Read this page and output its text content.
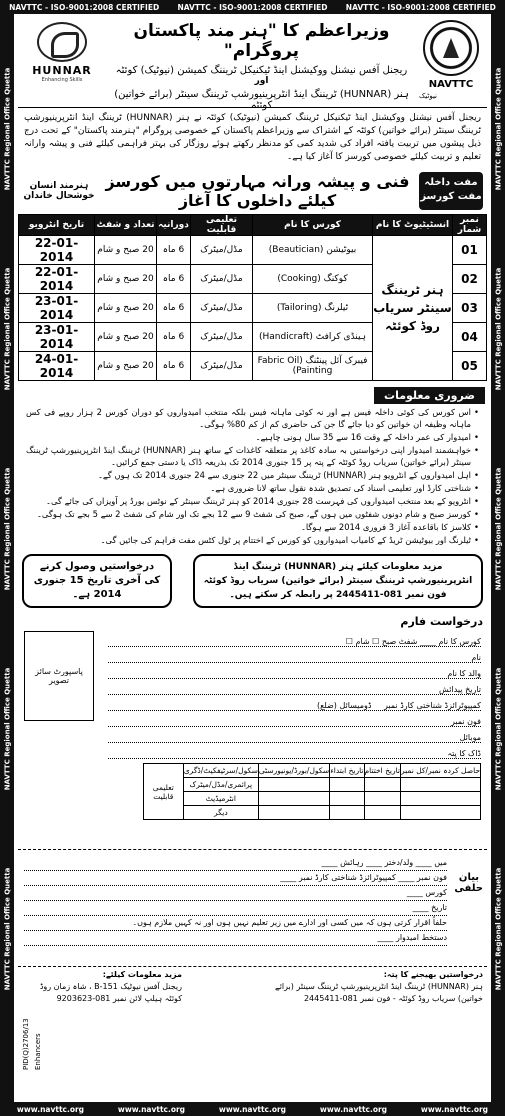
NAVTTC - ISO-9001:2008 CERTIFIED NAVTTC - ISO-9001:2008 CERTIFIED NAVTTC - ISO-9001:2008 CERTIFIED
NAVTTC Regional Office Quetta
NAVTTC Regional Office Quetta
NAVTTC Regional Office Quetta
NAVTTC Regional Office Quetta
NAVTTC Regional Office Quetta
NAVTTC Regional Office Quetta
NAVTTC Regional Office Quetta
NAVTTC Regional Office Quetta
NAVTTC Regional Office Quetta
NAVTTC Regional Office Quetta
HUNNAR
Enhancing Skills
وزیراعظم کا "ہنر مند پاکستان پروگرام"
ریجنل آفس نیشنل ووکیشنل اینڈ ٹیکنیکل ٹریننگ کمیشن (نیوٹیک) کوئٹہ
اور
ہنر (HUNNAR) ٹریننگ اینڈ انٹرپرینیورشپ ٹریننگ سینٹر (برائے خواتین) کوئٹہ
NAVTTC
نیوٹیک
ریجنل آفس نیشنل ووکیشنل اینڈ ٹیکنیکل ٹریننگ کمیشن (نیوٹیک) کوئٹہ نے ہنر (HUNNAR) ٹریننگ اینڈ انٹرپرینیورشپ ٹریننگ سینٹر (برائے خواتین) کوئٹہ کے اشتراک سے وزیراعظم پاکستان کے خصوصی پروگرام "ہنرمند پاکستان" کے تحت درج ذیل پیشوں میں تربیت یافتہ افراد کی شدید کمی کو مدنظر رکھتے ہوئے روزگار کی بہتر فراہمی کیلئے فنی و پیشہ وارانہ تعلیم و تربیت کیلئے خصوصی کورسز کا آغاز کیا ہے۔
مفت داخلہ مفت کورسز
فنی و پیشہ ورانہ مہارتوں میں کورسز کیلئے داخلوں کا آغاز
ہنرمند انسان خوشحال خاندان
نمبر شمار	انسٹیٹیوٹ کا نام	کورس کا نام	تعلیمی قابلیت	دورانیہ	تعداد و شفٹ	تاریخ انٹرویو
01	ہنر ٹریننگ سینٹر سریاب روڈ کوئٹہ	بیوٹیشن (Beautician)	مڈل/میٹرک	6 ماہ	20 صبح و شام	22-01-2014
02		کوکنگ (Cooking)	مڈل/میٹرک	6 ماہ	20 صبح و شام	22-01-2014
03		ٹیلرنگ (Tailoring)	مڈل/میٹرک	6 ماہ	20 صبح و شام	23-01-2014
04		ہینڈی کرافٹ (Handicraft)	مڈل/میٹرک	6 ماہ	20 صبح و شام	23-01-2014
05		فیبرک آئل پینٹنگ (Fabric Oil Painting)	مڈل/میٹرک	6 ماہ	20 صبح و شام	24-01-2014
ضروری معلومات
• اس کورس کی کوئی داخلہ فیس ہے اور نہ کوئی ماہانہ فیس بلکہ منتخب امیدواروں کو دوران کورس 2 ہزار روپے فی کس ماہانہ وظیفہ ان خواتین کو دیا جائے گا جن کی حاضری کم از کم 80% ہوگی۔
• امیدوار کی عمر داخلہ کے وقت 16 سے 35 سال ہونی چاہیے۔
• خواہشمند امیدوار اپنی درخواستیں بہ سادہ کاغذ پر متعلقہ کاغذات کے ساتھ ہنر (HUNNAR) ٹریننگ اینڈ انٹرپرینیورشپ ٹریننگ سینٹر (برائے خواتین) سریاب روڈ کوئٹہ کے پتہ پر 15 جنوری 2014 تک بذریعہ ڈاک یا دستی جمع کرائیں۔
• اہل امیدواروں کے انٹرویو ہنر (HUNNAR) ٹریننگ سینٹر میں 22 جنوری سے 24 جنوری 2014 تک ہوں گے۔
• شناختی کارڈ اور تعلیمی اسناد کی تصدیق شدہ نقول ساتھ لانا ضروری ہے۔
• انٹرویو کے بعد منتخب امیدواروں کی فہرست 28 جنوری 2014 کو ہنر ٹریننگ سینٹر کے نوٹس بورڈ پر آویزاں کی جائے گی۔
• کورسز صبح و شام دونوں شفٹوں میں ہوں گے، صبح کی شفٹ 9 سے 12 بجے تک اور شام کی شفٹ 2 سے 5 بجے تک ہوگی۔
• کلاسز کا باقاعدہ آغاز 3 فروری 2014 سے ہوگا۔
• ٹیلرنگ اور بیوٹیشن ٹریڈ کے کامیاب امیدواروں کو کورس کے اختتام پر ٹول کٹس مفت فراہم کی جائیں گی۔
مزید معلومات کیلئے ہنر (HUNNAR) ٹریننگ اینڈ انٹرپرینیورشپ ٹریننگ سینٹر (برائے خواتین) سریاب روڈ کوئٹہ فون نمبر 081-2445411 پر رابطہ کر سکتے ہیں۔
درخواستیں وصول کرنے کی آخری تاریخ 15 جنوری 2014 ہے۔
درخواست فارم
پاسپورٹ سائز تصویر
کورس کا نام ____ شفٹ صبح ☐ شام ☐
نام
والد کا نام
تاریخ پیدائش
کمپیوٹرائزڈ شناختی کارڈ نمبر

ڈومیسائل (ضلع)
فون نمبر
موبائل
ڈاک کا پتہ
حاصل کردہ نمبر/کل نمبر	تاریخ اختتام	تاریخ ابتداء	سکول/بورڈ/یونیورسٹی	سکول/سرٹیفکیٹ/ڈگری	تعلیمی قابلیت
				پرائمری/مڈل/میٹرک	
				انٹرمیڈیٹ	
				دیگر	
بیان حلفی
میں ____ ولد/دختر ____ رہائش ____
فون نمبر ____ کمپیوٹرائزڈ شناختی کارڈ نمبر ____
کورس ____
تاریخ ____
حلفاً اقرار کرتی ہوں کہ میں کسی اور ادارے میں زیر تعلیم نہیں ہوں اور نہ کہیں ملازم ہوں۔
دستخط امیدوار ____
درخواستیں بھیجنے کا پتہ:
ہنر (HUNNAR) ٹریننگ اینڈ انٹرپرینیورشپ ٹریننگ سینٹر (برائے خواتین) سریاب روڈ کوئٹہ - فون نمبر 081-2445411
مزید معلومات کیلئے:
ریجنل آفس نیوٹیک B-151 ، شاہ زمان روڈ کوئٹہ ہیلپ لائن نمبر 081-9203623
PID(Q)2706/13 Enhancers
www.navttc.org	www.navttc.org	www.navttc.org	www.navttc.org	www.navttc.org
